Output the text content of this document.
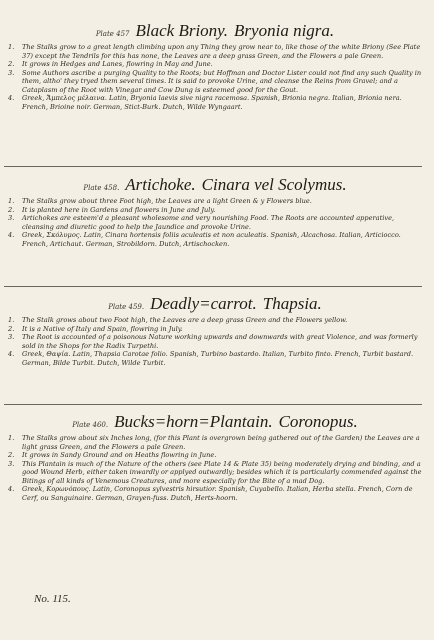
Plate 457 Black Briony. Bryonia nigra.
1. The Stalks grow to a great length climbing upon any Thing they grow near to, like those of the white Briony (See Plate 37) except the Tendrils for this has none, the Leaves are a deep grass Green, and the Flowers a pale Green.
2. It grows in Hedges and Lanes, flowring in May and June.
3. Some Authors ascribe a purging Quality to the Roots; but Hoffman and Doctor Lister could not find any such Quality in them, altho' they tryed them several times. It is said to provoke Urine, and cleanse the Reins from Gravel; and a Cataplasm of the Root with Vinegar and Cow Dung is esteemed good for the Gout.
4. Greek, Ἄμπελος μέλαινα. Latin, Bryonia laevis sive nigra racemosa. Spanish, Brionia negra. Italian, Brionia nera. French, Brioine noir. German, Stict-Burk. Dutch, Wilde Wyngaart.
Plate 458. Artichoke. Cinara vel Scolymus.
1. The Stalks grow about three Foot high, the Leaves are a light Green & y Flowers blue.
2. It is planted here in Gardens and flowers in June and July.
3. Artichokes are esteem'd a pleasant wholesome and very nourishing Food. The Roots are accounted apperative, cleansing and diuretic good to help the Jaundice and provoke Urine.
4. Greek, Σκόλυμος. Latin, Cinara hortensis foliis aculeatis et non aculeatis. Spanish, Alcachosa. Italian, Articiocco. French, Artichaut. German, Strobildorn. Dutch, Artischocken.
Plate 459. Deadly=carrot. Thapsia.
1. The Stalk grows about two Foot high, the Leaves are a deep grass Green and the Flowers yellow.
2. It is a Native of Italy and Spain, flowring in July.
3. The Root is accounted of a poisonous Nature working upwards and downwards with great Violence, and was formerly sold in the Shops for the Radix Turpethi.
4. Greek, Θαψία. Latin, Thapsia Carotae folio. Spanish, Turbino bastardo. Italian, Turbito finto. French, Turbit bastard. German, Bilde Turbit. Dutch, Wilde Turbit.
Plate 460. Bucks=horn=Plantain. Coronopus.
1. The Stalks grow about six Inches long, (for this Plant is overgrown being gathered out of the Garden) the Leaves are a light grass Green, and the Flowers a pale Green.
2. It grows in Sandy Ground and on Heaths flowring in June.
3. This Plantain is much of the Nature of the others (see Plate 14 & Plate 35) being moderately drying and binding, and a good Wound Herb, either taken inwardly or applyed outwardly; besides which it is particularly commended against the Bitings of all kinds of Venemous Creatures, and more especially for the Bite of a mad Dog.
4. Greek, Κορωνόπους. Latin, Coronopus sylvestris hirsutior. Spanish, Cuyabello. Italian, Herba stella. French, Corn de Cerf, ou Sanguinaire. German, Grayen-fuss. Dutch, Herts-hoorn.
No. 115.
